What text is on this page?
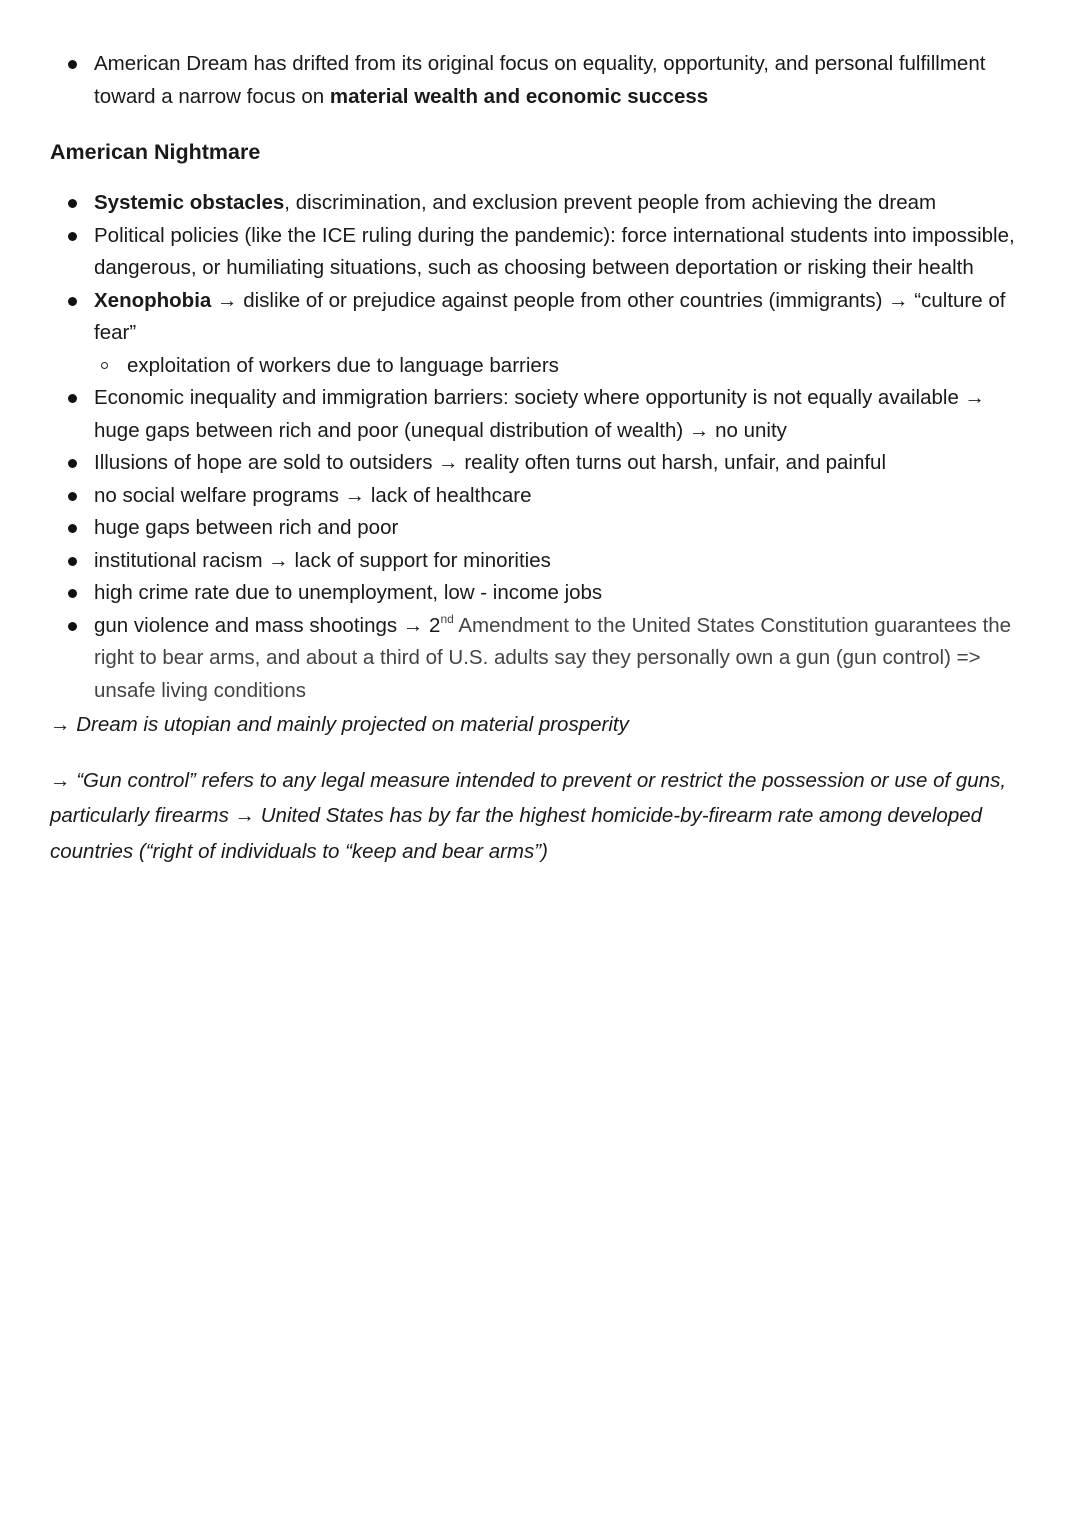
American Dream has drifted from its original focus on equality, opportunity, and personal fulfillment toward a narrow focus on material wealth and economic success
American Nightmare
Systemic obstacles, discrimination, and exclusion prevent people from achieving the dream
Political policies (like the ICE ruling during the pandemic): force international students into impossible, dangerous, or humiliating situations, such as choosing between deportation or risking their health
Xenophobia → dislike of or prejudice against people from other countries (immigrants) → “culture of fear”
exploitation of workers due to language barriers
Economic inequality and immigration barriers: society where opportunity is not equally available → huge gaps between rich and poor (unequal distribution of wealth) → no unity
Illusions of hope are sold to outsiders → reality often turns out harsh, unfair, and painful
no social welfare programs → lack of healthcare
huge gaps between rich and poor
institutional racism → lack of support for minorities
high crime rate due to unemployment, low - income jobs
gun violence and mass shootings → 2nd Amendment to the United States Constitution guarantees the right to bear arms, and about a third of U.S. adults say they personally own a gun (gun control) => unsafe living conditions

→ Dream is utopian and mainly projected on material prosperity

→ “Gun control” refers to any legal measure intended to prevent or restrict the possession or use of guns, particularly firearms → United States has by far the highest homicide-by-firearm rate among developed countries (“right of individuals to “keep and bear arms”)
